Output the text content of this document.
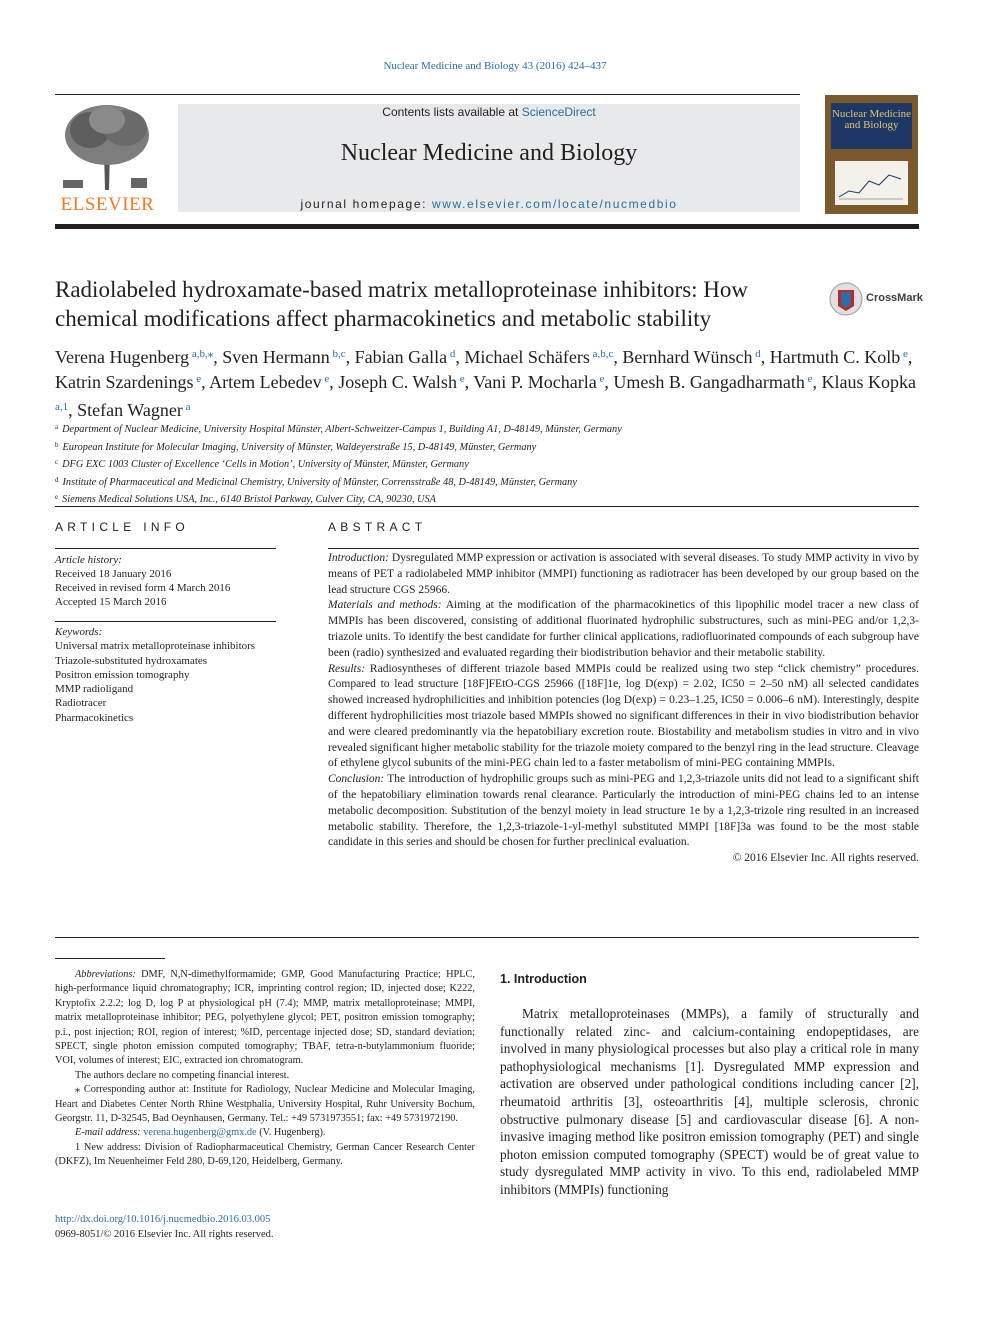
Nuclear Medicine and Biology 43 (2016) 424–437
ELSEVIER
Contents lists available at ScienceDirect
Nuclear Medicine and Biology
journal homepage: www.elsevier.com/locate/nucmedbio
Nuclear Medicine and Biology
Radiolabeled hydroxamate-based matrix metalloproteinase inhibitors: How chemical modifications affect pharmacokinetics and metabolic stability
CrossMark
Verena Hugenberg $^{a,b,⁎}$, Sven Hermann $^{b,c}$, Fabian Galla $^d$, Michael Schäfers $^{a,b,c}$, Bernhard Wünsch $^d$, Hartmuth C. Kolb $^e$, Katrin Szardenings $^e$, Artem Lebedev $^e$, Joseph C. Walsh $^e$, Vani P. Mocharla $^e$, Umesh B. Gangadharmath $^e$, Klaus Kopka $^{a,1}$, Stefan Wagner $^a$
$^a$ Department of Nuclear Medicine, University Hospital Münster, Albert-Schweitzer-Campus 1, Building A1, D-48149, Münster, Germany
$^b$ European Institute for Molecular Imaging, University of Münster, Waldeyerstraße 15, D-48149, Münster, Germany
$^c$ DFG EXC 1003 Cluster of Excellence ‘Cells in Motion’, University of Münster, Münster, Germany
$^d$ Institute of Pharmaceutical and Medicinal Chemistry, University of Münster, Corrensstraße 48, D-48149, Münster, Germany
$^e$ Siemens Medical Solutions USA, Inc., 6140 Bristol Parkway, Culver City, CA, 90230, USA
ARTICLE INFO
Article history:
Received 18 January 2016
Received in revised form 4 March 2016
Accepted 15 March 2016
Keywords:
Universal matrix metalloproteinase inhibitors
Triazole-substituted hydroxamates
Positron emission tomography
MMP radioligand
Radiotracer
Pharmacokinetics
ABSTRACT

Introduction: Dysregulated MMP expression or activation is associated with several diseases. To study MMP activity in vivo by means of PET a radiolabeled MMP inhibitor (MMPI) functioning as radiotracer has been developed by our group based on the lead structure CGS 25966.

Materials and methods: Aiming at the modification of the pharmacokinetics of this lipophilic model tracer a new class of MMPIs has been discovered, consisting of additional fluorinated hydrophilic substructures, such as mini-PEG and/or 1,2,3-triazole units. To identify the best candidate for further clinical applications, radiofluorinated compounds of each subgroup have been (radio) synthesized and evaluated regarding their biodistribution behavior and their metabolic stability.

Results: Radiosyntheses of different triazole based MMPIs could be realized using two step “click chemistry” procedures. Compared to lead structure [18F]FEtO-CGS 25966 ([18F]1e, log D(exp) = 2.02, IC50 = 2–50 nM) all selected candidates showed increased hydrophilicities and inhibition potencies (log D(exp) = 0.23–1.25, IC50 = 0.006–6 nM). Interestingly, despite different hydrophilicities most triazole based MMPIs showed no significant differences in their in vivo biodistribution behavior and were cleared predominantly via the hepatobiliary excretion route. Biostability and metabolism studies in vitro and in vivo revealed significant higher metabolic stability for the triazole moiety compared to the benzyl ring in the lead structure. Cleavage of ethylene glycol subunits of the mini-PEG chain led to a faster metabolism of mini-PEG containing MMPIs.

Conclusion: The introduction of hydrophilic groups such as mini-PEG and 1,2,3-triazole units did not lead to a significant shift of the hepatobiliary elimination towards renal clearance. Particularly the introduction of mini-PEG chains led to an intense metabolic decomposition. Substitution of the benzyl moiety in lead structure 1e by a 1,2,3-trizole ring resulted in an increased metabolic stability. Therefore, the 1,2,3-triazole-1-yl-methyl substituted MMPI [18F]3a was found to be the most stable candidate in this series and should be chosen for further preclinical evaluation.

© 2016 Elsevier Inc. All rights reserved.

Abbreviations: DMF, N,N-dimethylformamide; GMP, Good Manufacturing Practice; HPLC, high-performance liquid chromatography; ICR, imprinting control region; ID, injected dose; K222, Kryptofix 2.2.2; log D, log P at physiological pH (7.4); MMP, matrix metalloproteinase; MMPI, matrix metalloproteinase inhibitor; PEG, polyethylene glycol; PET, positron emission tomography; p.i., post injection; ROI, region of interest; %ID, percentage injected dose; SD, standard deviation; SPECT, single photon emission computed tomography; TBAF, tetra-n-butylammonium fluoride; VOI, volumes of interest; EIC, extracted ion chromatogram.

The authors declare no competing financial interest.

⁎ Corresponding author at: Institute for Radiology, Nuclear Medicine and Molecular Imaging, Heart and Diabetes Center North Rhine Westphalia, University Hospital, Ruhr University Bochum, Georgstr. 11, D-32545, Bad Oeynhausen, Germany. Tel.: +49 5731973551; fax: +49 5731972190.

E-mail address: verena.hugenberg@gmx.de (V. Hugenberg).

1 New address: Division of Radiopharmaceutical Chemistry, German Cancer Research Center (DKFZ), Im Neuenheimer Feld 280, D-69,120, Heidelberg, Germany.

http://dx.doi.org/10.1016/j.nucmedbio.2016.03.005
0969-8051/© 2016 Elsevier Inc. All rights reserved.
1. Introduction
Matrix metalloproteinases (MMPs), a family of structurally and functionally related zinc- and calcium-containing endopeptidases, are involved in many physiological processes but also play a critical role in many pathophysiological mechanisms [1]. Dysregulated MMP expression and activation are observed under pathological conditions including cancer [2], rheumatoid arthritis [3], osteoarthritis [4], multiple sclerosis, chronic obstructive pulmonary disease [5] and cardiovascular disease [6]. A non-invasive imaging method like positron emission tomography (PET) and single photon emission computed tomography (SPECT) would be of great value to study dysregulated MMP activity in vivo. To this end, radiolabeled MMP inhibitors (MMPIs) functioning
